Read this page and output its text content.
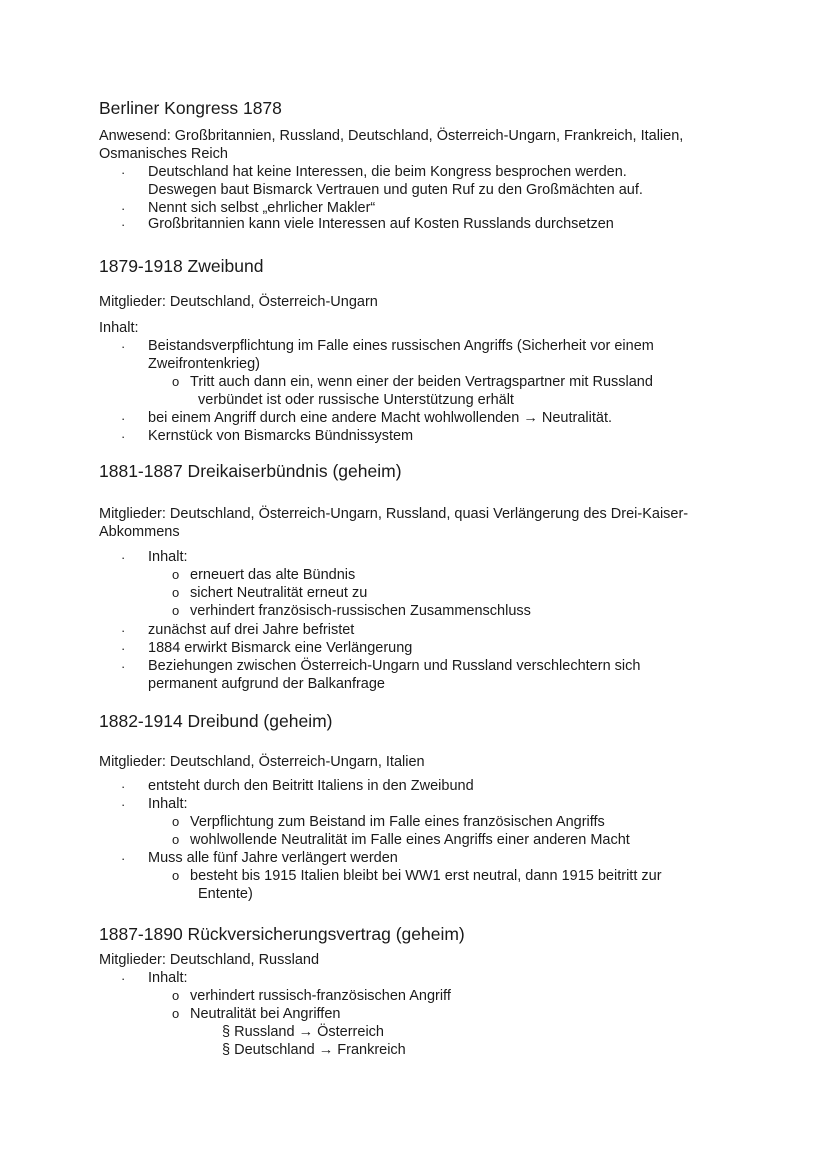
Berliner Kongress 1878
Anwesend: Großbritannien, Russland, Deutschland, Österreich-Ungarn, Frankreich, Italien,
Osmanisches Reich
· Deutschland hat keine Interessen, die beim Kongress besprochen werden.
Deswegen baut Bismarck Vertrauen und guten Ruf zu den Großmächten auf.
· Nennt sich selbst „ehrlicher Makler“
· Großbritannien kann viele Interessen auf Kosten Russlands durchsetzen
1879-1918 Zweibund
Mitglieder: Deutschland, Österreich-Ungarn
Inhalt:
· Beistandsverpflichtung im Falle eines russischen Angriffs (Sicherheit vor einem
Zweifrontenkrieg)
o Tritt auch dann ein, wenn einer der beiden Vertragspartner mit Russland
verbündet ist oder russische Unterstützung erhält
· bei einem Angriff durch eine andere Macht wohlwollenden → Neutralität.
· Kernstück von Bismarcks Bündnissystem
1881-1887 Dreikaiserbündnis (geheim)
Mitglieder: Deutschland, Österreich-Ungarn, Russland, quasi Verlängerung des Drei-Kaiser-
Abkommens
· Inhalt:
o erneuert das alte Bündnis
o sichert Neutralität erneut zu
o verhindert französisch-russischen Zusammenschluss
· zunächst auf drei Jahre befristet
· 1884 erwirkt Bismarck eine Verlängerung
· Beziehungen zwischen Österreich-Ungarn und Russland verschlechtern sich
permanent aufgrund der Balkanfrage
1882-1914 Dreibund (geheim)
Mitglieder: Deutschland, Österreich-Ungarn, Italien
· entsteht durch den Beitritt Italiens in den Zweibund
· Inhalt:
o Verpflichtung zum Beistand im Falle eines französischen Angriffs
o wohlwollende Neutralität im Falle eines Angriffs einer anderen Macht
· Muss alle fünf Jahre verlängert werden
o besteht bis 1915 Italien bleibt bei WW1 erst neutral, dann 1915 beitritt zur
Entente)
1887-1890 Rückversicherungsvertrag (geheim)
Mitglieder: Deutschland, Russland
· Inhalt:
o verhindert russisch-französischen Angriff
o Neutralität bei Angriffen
§ Russland → Österreich
§ Deutschland → Frankreich
